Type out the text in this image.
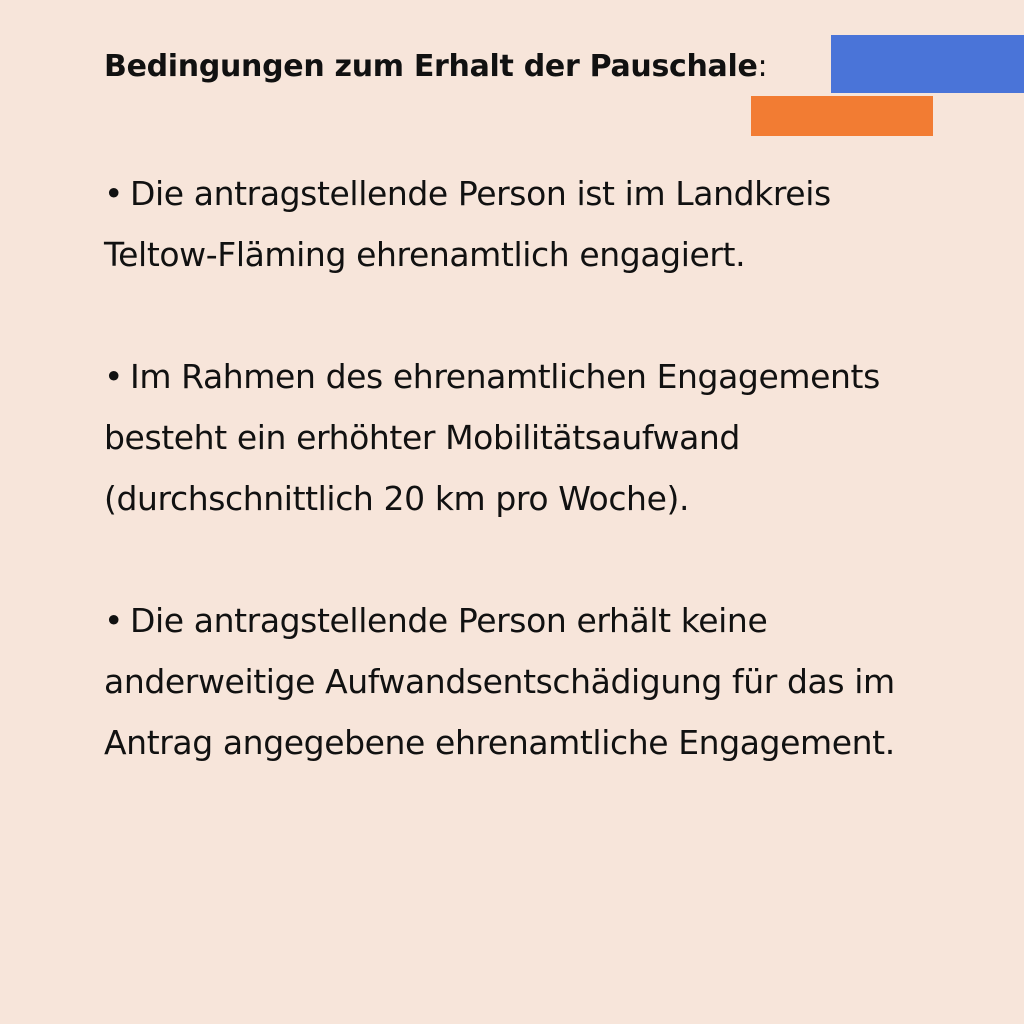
Bedingungen zum Erhalt der Pauschale:
• Die antragstellende Person ist im Landkreis Teltow-Fläming ehrenamtlich engagiert.
• Im Rahmen des ehrenamtlichen Engagements besteht ein erhöhter Mobilitätsaufwand (durchschnittlich 20 km pro Woche).
• Die antragstellende Person erhält keine anderweitige Aufwandsentschädigung für das im Antrag angegebene ehrenamtliche Engagement.
